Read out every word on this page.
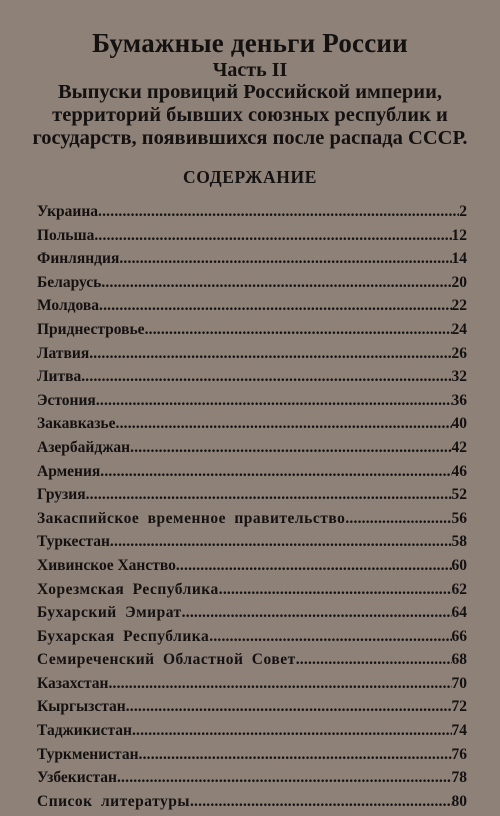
Бумажные деньги России
Часть II
Выпуски провиций Российской империи, территорий бывших союзных республик и государств, появившихся после распада СССР.
СОДЕРЖАНИЕ
Украина .....	2
Польша .....	12
Финляндия .....	14
Беларусь .....	20
Молдова .....	22
Приднестровье .....	24
Латвия .....	26
Литва .....	32
Эстония .....	36
Закавказье .....	40
Азербайджан .....	42
Армения .....	46
Грузия .....	52
Закаспийское временное правительство .....	56
Туркестан .....	58
Хивинское Ханство .....	60
Хорезмская Республика .....	62
Бухарский Эмират .....	64
Бухарская Республика .....	66
Семиреченский Областной Совет .....	68
Казахстан .....	70
Кыргызстан .....	72
Таджикистан .....	74
Туркменистан .....	76
Узбекистан .....	78
Список литературы .....	80
